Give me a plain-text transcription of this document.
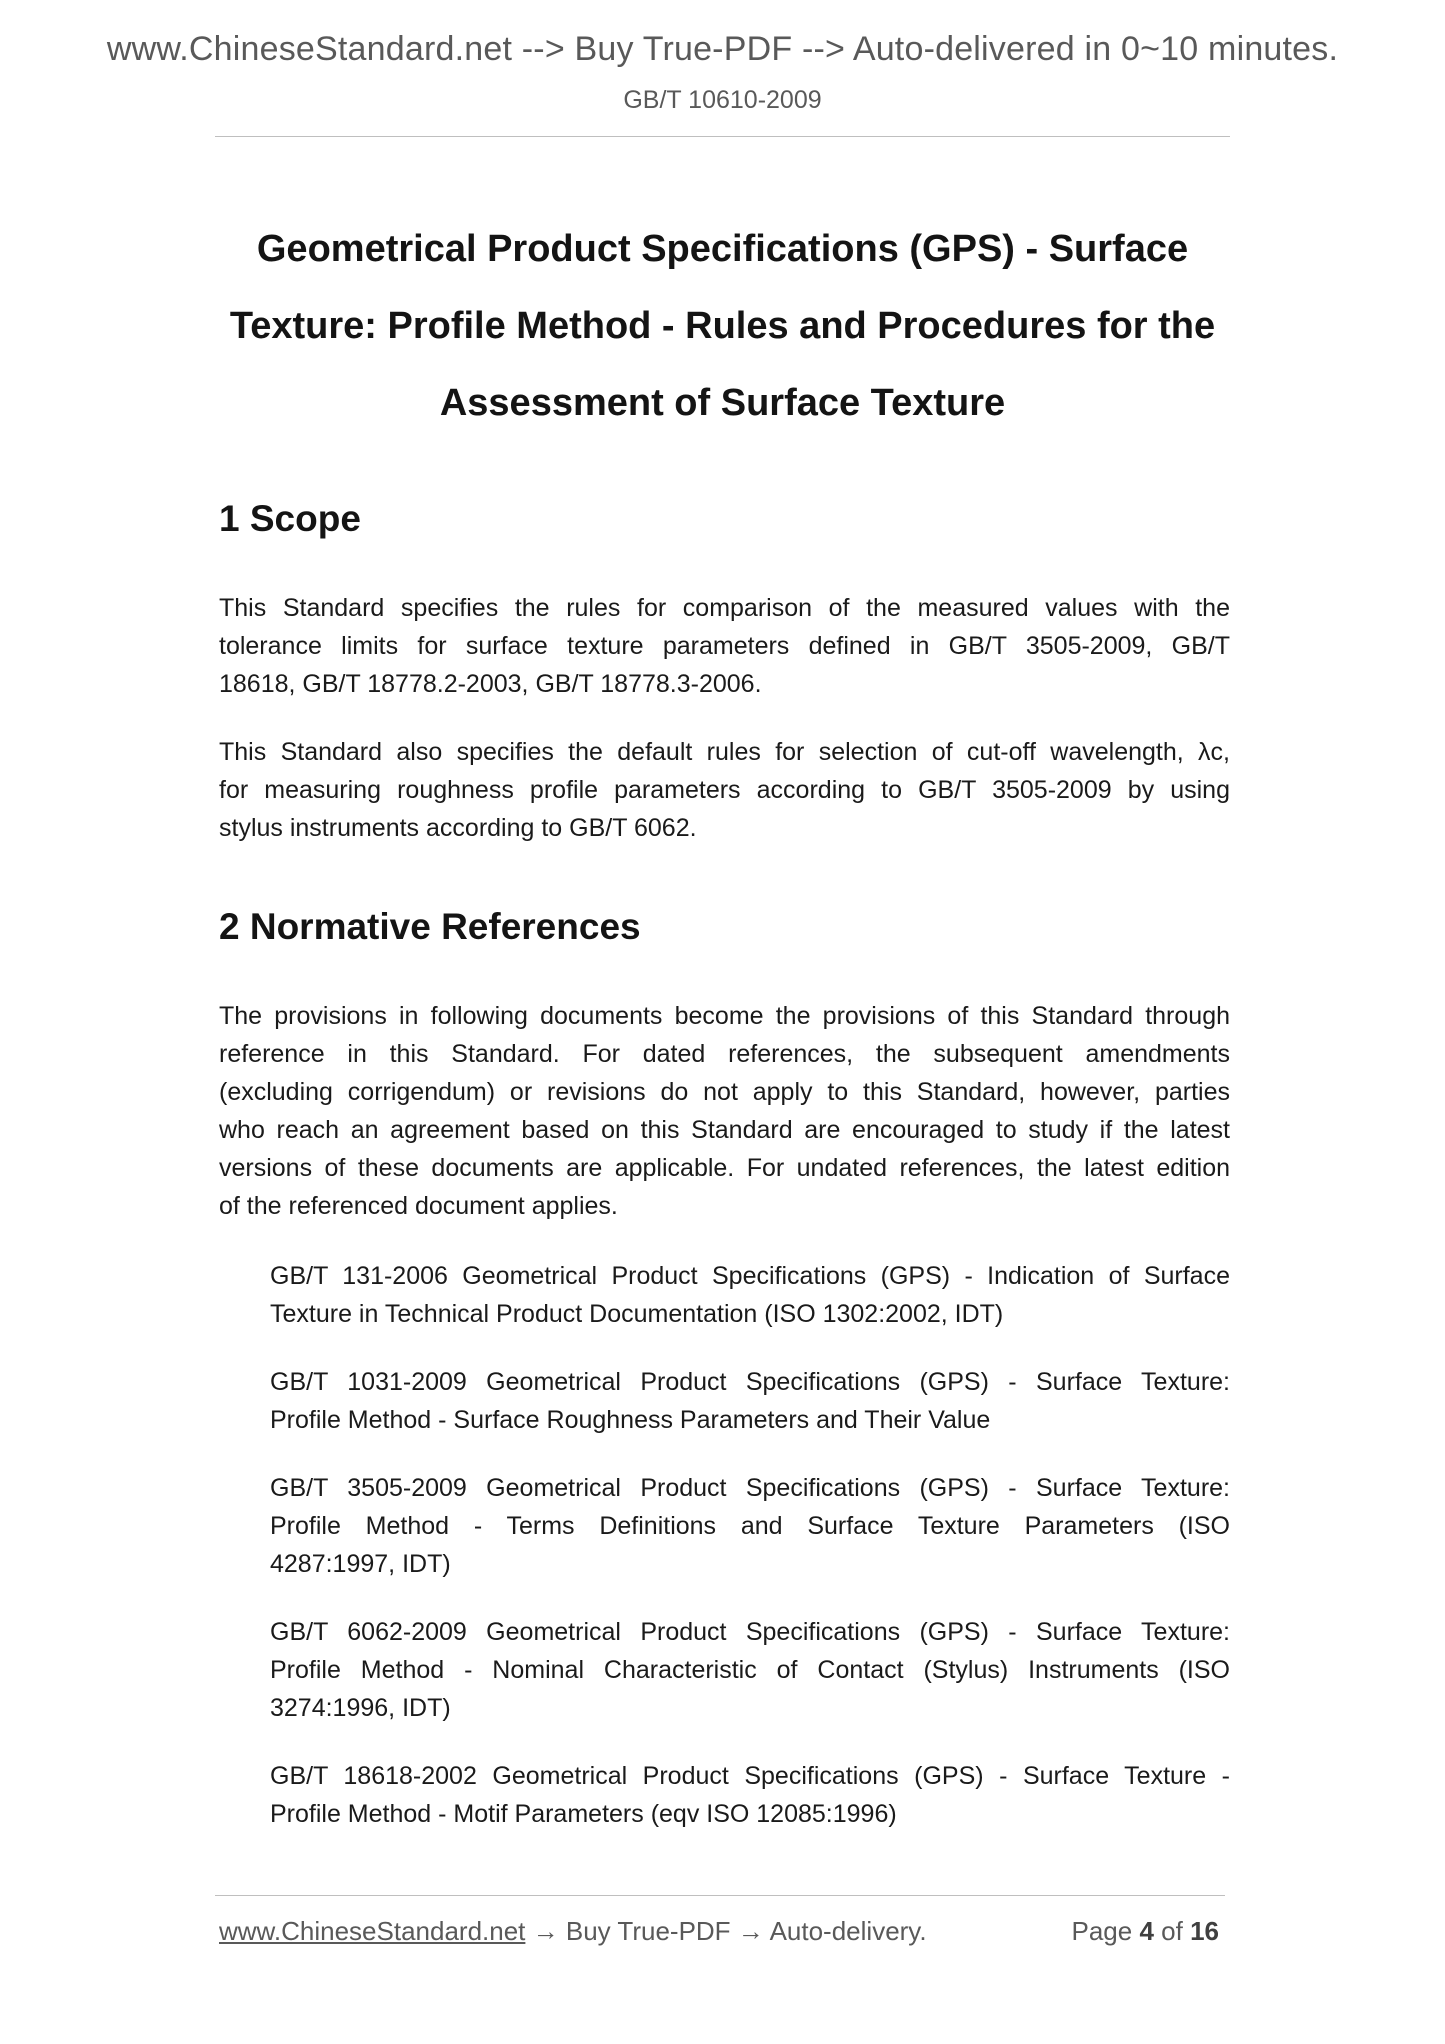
www.ChineseStandard.net --> Buy True-PDF --> Auto-delivered in 0~10 minutes.
GB/T 10610-2009
Geometrical Product Specifications (GPS) - Surface
Texture: Profile Method - Rules and Procedures for the
Assessment of Surface Texture
1 Scope

This Standard specifies the rules for comparison of the measured values with the
tolerance limits for surface texture parameters defined in GB/T 3505-2009, GB/T
18618, GB/T 18778.2-2003, GB/T 18778.3-2006.

This Standard also specifies the default rules for selection of cut-off wavelength, λc,
for measuring roughness profile parameters according to GB/T 3505-2009 by using
stylus instruments according to GB/T 6062.

2 Normative References

The provisions in following documents become the provisions of this Standard through
reference in this Standard. For dated references, the subsequent amendments
(excluding corrigendum) or revisions do not apply to this Standard, however, parties
who reach an agreement based on this Standard are encouraged to study if the latest
versions of these documents are applicable. For undated references, the latest edition
of the referenced document applies.

GB/T 131-2006 Geometrical Product Specifications (GPS) - Indication of Surface
Texture in Technical Product Documentation (ISO 1302:2002, IDT)

GB/T 1031-2009 Geometrical Product Specifications (GPS) - Surface Texture:
Profile Method - Surface Roughness Parameters and Their Value

GB/T 3505-2009 Geometrical Product Specifications (GPS) - Surface Texture:
Profile Method - Terms Definitions and Surface Texture Parameters (ISO
4287:1997, IDT)

GB/T 6062-2009 Geometrical Product Specifications (GPS) - Surface Texture:
Profile Method - Nominal Characteristic of Contact (Stylus) Instruments (ISO
3274:1996, IDT)

GB/T 18618-2002 Geometrical Product Specifications (GPS) - Surface Texture -
Profile Method - Motif Parameters (eqv ISO 12085:1996)

www.ChineseStandard.net → Buy True-PDF → Auto-delivery.	Page 4 of 16
